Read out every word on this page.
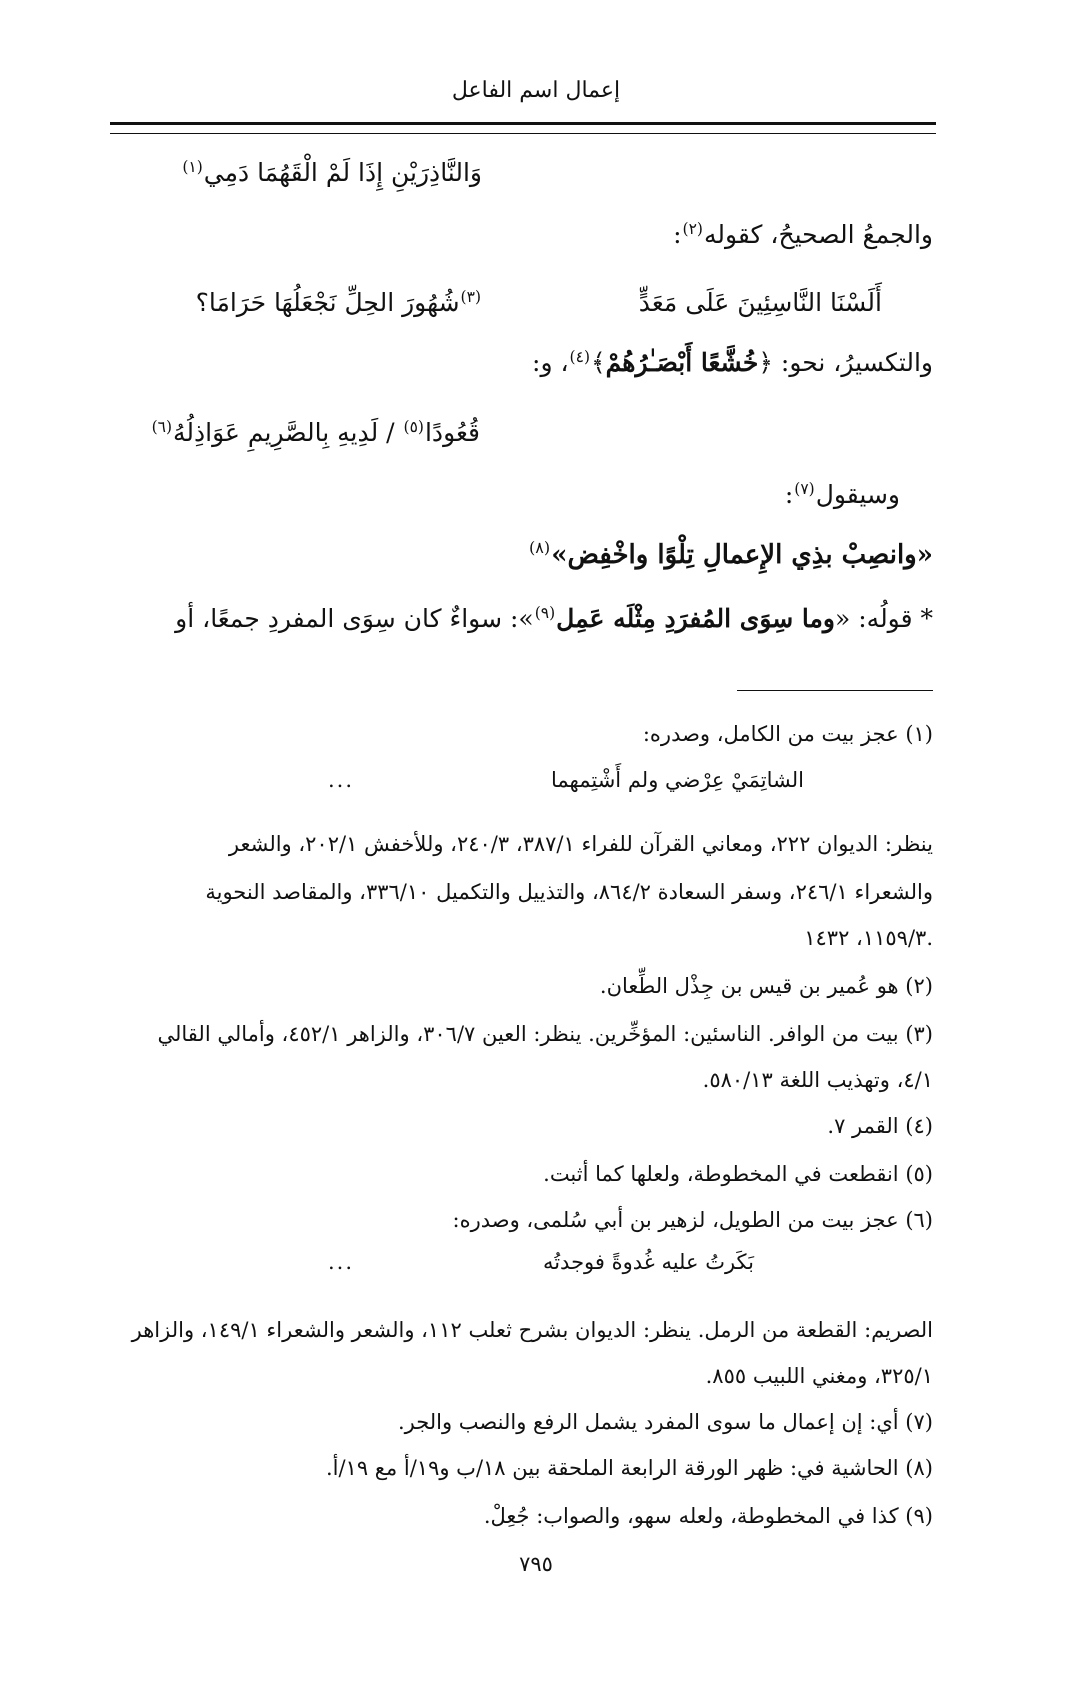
إعمال اسم الفاعل
وَالنَّاذِرَيْنِ إِذَا لَمْ الْقَهُمَا دَمِي$^{(١)}$
والجمعُ الصحيحُ، كقوله$^{(٢)}$:
أَلَسْنَا النَّاسِئِينَ عَلَى مَعَدٍّ
شُهُورَ الحِلِّ نَجْعَلُهَا حَرَامَا؟$^{(٣)}$
والتكسيرُ، نحو: ﴿خُشَّعًا أَبْصَـٰرُهُمْ﴾$^{(٤)}$، و:
قُعُودًا$^{(٥)}$ / لَدِيهِ بِالصَّرِيمِ عَوَاذِلُهُ$^{(٦)}$
وسيقول$^{(٧)}$:
«وانصِبْ بذِي الإِعمالِ تِلْوًا واخْفِض»$^{(٨)}$
* قولُه: «وما سِوَى المُفرَدِ مِثْلَه عَمِل$^{(٩)}$»: سواءٌ كان سِوَى المفردِ جمعًا، أو
(١) عجز بيت من الكامل، وصدره:
الشاتِمَيْ عِرْضي ولم أَشْتِمهما
...
ينظر: الديوان ٢٢٢، ومعاني القرآن للفراء ٣٨٧/١، ٢٤٠/٣، وللأخفش ٢٠٢/١، والشعر
والشعراء ٢٤٦/١، وسفر السعادة ٨٦٤/٢، والتذييل والتكميل ٣٣٦/١٠، والمقاصد النحوية
١١٥٩/٣، ١٤٣٢.
(٢) هو عُمير بن قيس بن جِذْل الطِّعان.
(٣) بيت من الوافر. الناسئين: المؤخِّرين. ينظر: العين ٣٠٦/٧، والزاهر ٤٥٢/١، وأمالي القالي
٤/١، وتهذيب اللغة ٥٨٠/١٣.
(٤) القمر ٧.
(٥) انقطعت في المخطوطة، ولعلها كما أثبت.
(٦) عجز بيت من الطويل، لزهير بن أبي سُلمى، وصدره:
بَكَرتُ عليه غُدوةً فوجدتُه
...
الصريم: القطعة من الرمل. ينظر: الديوان بشرح ثعلب ١١٢، والشعر والشعراء ١٤٩/١، والزاهر
٣٢٥/١، ومغني اللبيب ٨٥٥.
(٧) أي: إن إعمال ما سوى المفرد يشمل الرفع والنصب والجر.
(٨) الحاشية في: ظهر الورقة الرابعة الملحقة بين ١٨/ب و١٩/أ مع ١٩/أ.
(٩) كذا في المخطوطة، ولعله سهو، والصواب: جُعِلْ.
٧٩٥
